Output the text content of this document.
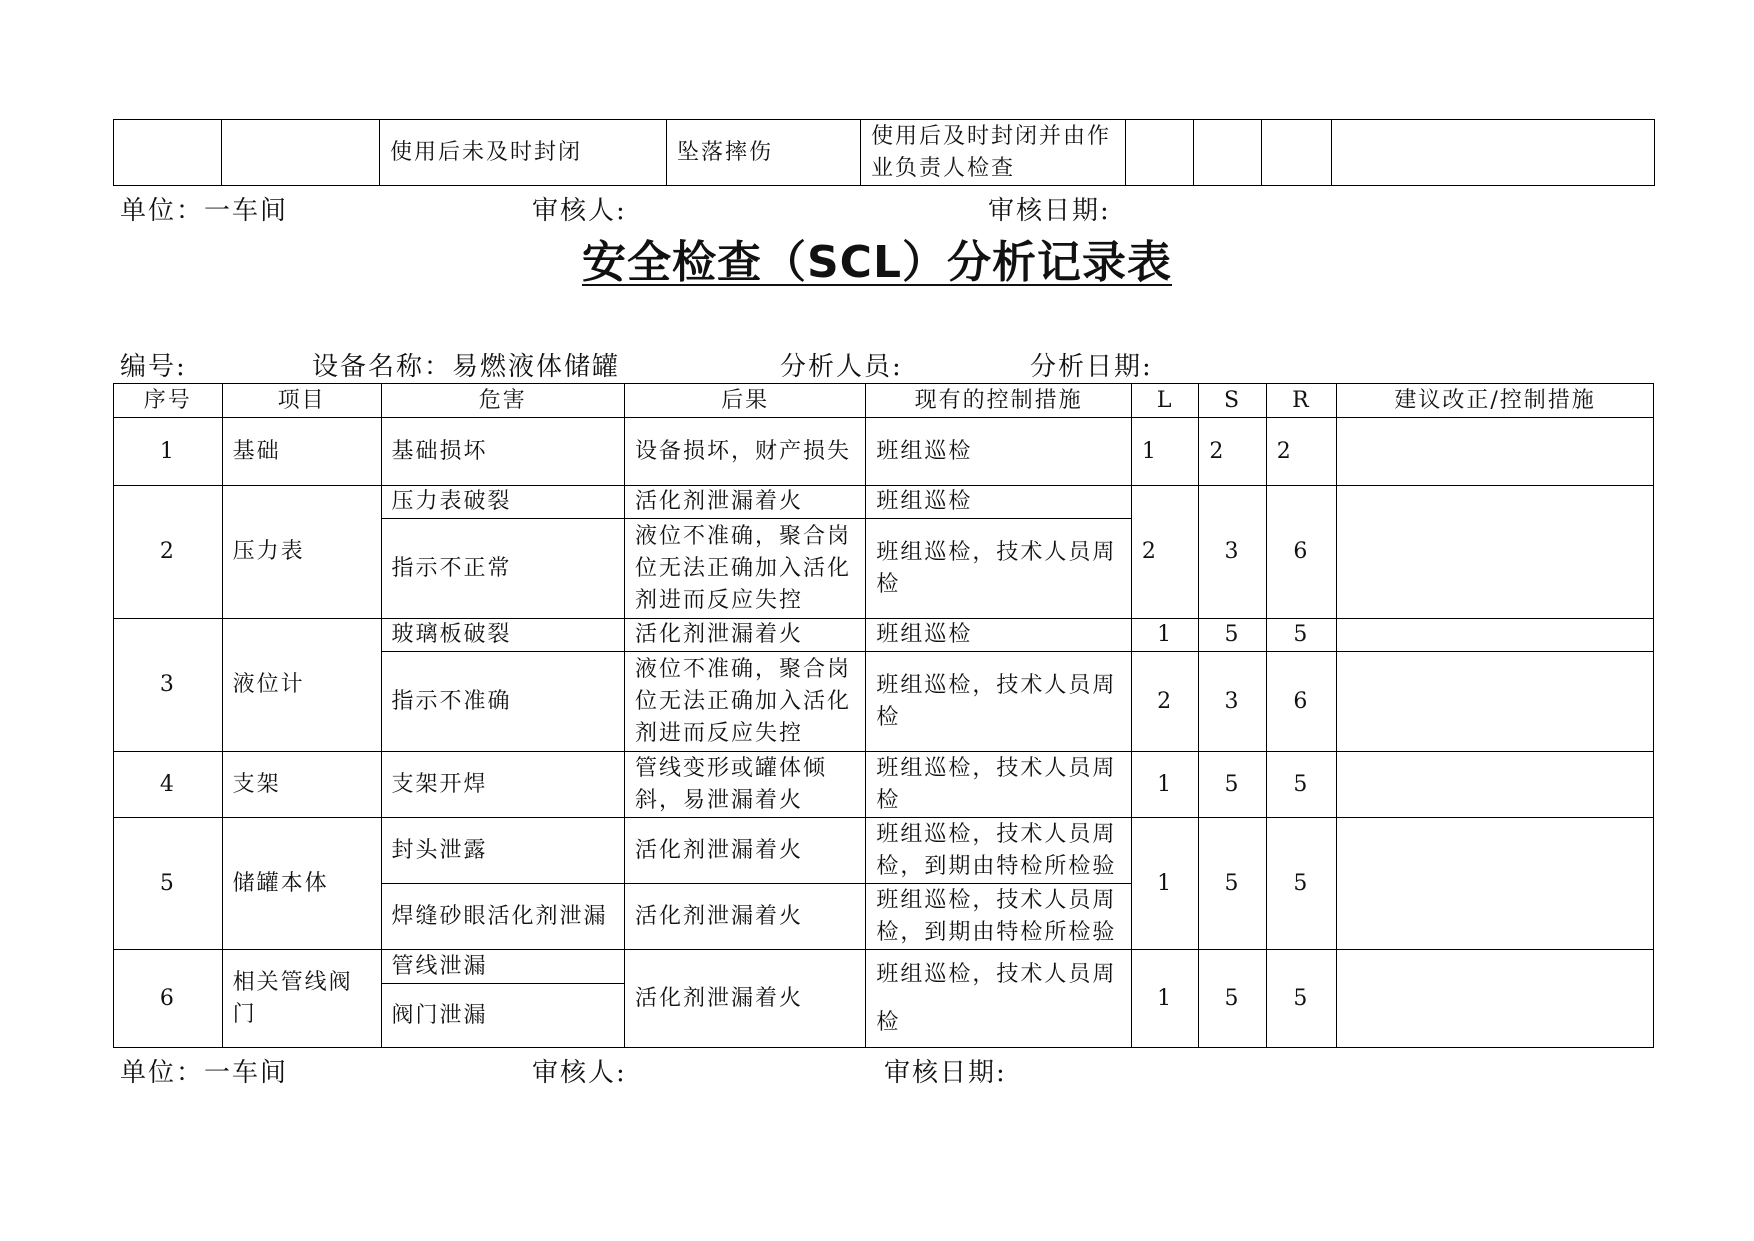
		使用后未及时封闭	坠落摔伤	使用后及时封闭并由作业负责人检查				
单位：一车间	审核人:	审核日期:
安全检查（SCL）分析记录表
编号:	设备名称：易燃液体储罐	分析人员:	分析日期:
序号	项目	危害	后果	现有的控制措施	L	S	R	建议改正/控制措施
1	基础	基础损坏	设备损坏，财产损失	班组巡检	1	2	2	
2	压力表	压力表破裂	活化剂泄漏着火	班组巡检	2	3	6	
		指示不正常	液位不准确，聚合岗位无法正确加入活化剂进而反应失控	班组巡检，技术人员周检				
3	液位计	玻璃板破裂	活化剂泄漏着火	班组巡检	1	5	5	
		指示不准确	液位不准确，聚合岗位无法正确加入活化剂进而反应失控	班组巡检，技术人员周检	2	3	6	
4	支架	支架开焊	管线变形或罐体倾斜，易泄漏着火	班组巡检，技术人员周检	1	5	5	
5	储罐本体	封头泄露	活化剂泄漏着火	班组巡检，技术人员周检，到期由特检所检验	1	5	5	
		焊缝砂眼活化剂泄漏	活化剂泄漏着火	班组巡检，技术人员周检，到期由特检所检验				
6	相关管线阀门	管线泄漏	活化剂泄漏着火	班组巡检，技术人员周检	1	5	5	
		阀门泄漏						
单位：一车间	审核人:	审核日期:
